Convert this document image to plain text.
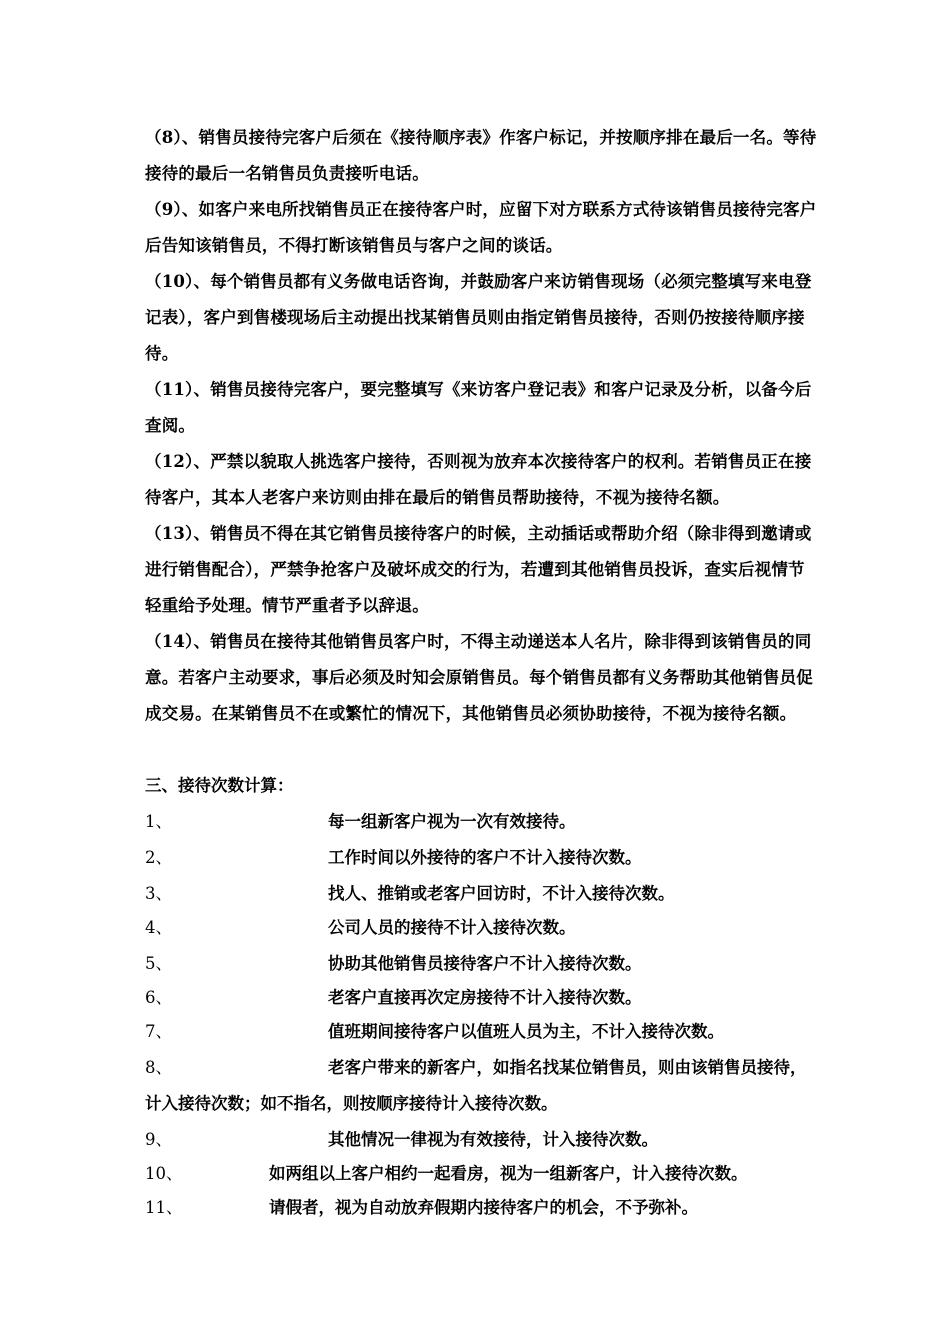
（8）、销售员接待完客户后须在《接待顺序表》作客户标记，并按顺序排在最后一名。等待接待的最后一名销售员负责接听电话。
（9）、如客户来电所找销售员正在接待客户时，应留下对方联系方式待该销售员接待完客户后告知该销售员，不得打断该销售员与客户之间的谈话。
（10）、每个销售员都有义务做电话咨询，并鼓励客户来访销售现场（必须完整填写来电登记表），客户到售楼现场后主动提出找某销售员则由指定销售员接待，否则仍按接待顺序接待。
（11）、销售员接待完客户，要完整填写《来访客户登记表》和客户记录及分析，以备今后查阅。
（12）、严禁以貌取人挑选客户接待，否则视为放弃本次接待客户的权利。若销售员正在接待客户，其本人老客户来访则由排在最后的销售员帮助接待，不视为接待名额。
（13）、销售员不得在其它销售员接待客户的时候，主动插话或帮助介绍（除非得到邀请或进行销售配合），严禁争抢客户及破坏成交的行为，若遭到其他销售员投诉，查实后视情节轻重给予处理。情节严重者予以辞退。
（14）、销售员在接待其他销售员客户时，不得主动递送本人名片，除非得到该销售员的同意。若客户主动要求，事后必须及时知会原销售员。每个销售员都有义务帮助其他销售员促成交易。在某销售员不在或繁忙的情况下，其他销售员必须协助接待，不视为接待名额。
三、接待次数计算：
1、	每一组新客户视为一次有效接待。
2、	工作时间以外接待的客户不计入接待次数。
3、	找人、推销或老客户回访时，不计入接待次数。
4、	公司人员的接待不计入接待次数。
5、	协助其他销售员接待客户不计入接待次数。
6、	老客户直接再次定房接待不计入接待次数。
7、	值班期间接待客户以值班人员为主，不计入接待次数。
8、	老客户带来的新客户，如指名找某位销售员，则由该销售员接待，
计入接待次数；如不指名，则按顺序接待计入接待次数。
9、	其他情况一律视为有效接待，计入接待次数。
10、	如两组以上客户相约一起看房，视为一组新客户，计入接待次数。
11、	请假者，视为自动放弃假期内接待客户的机会，不予弥补。
